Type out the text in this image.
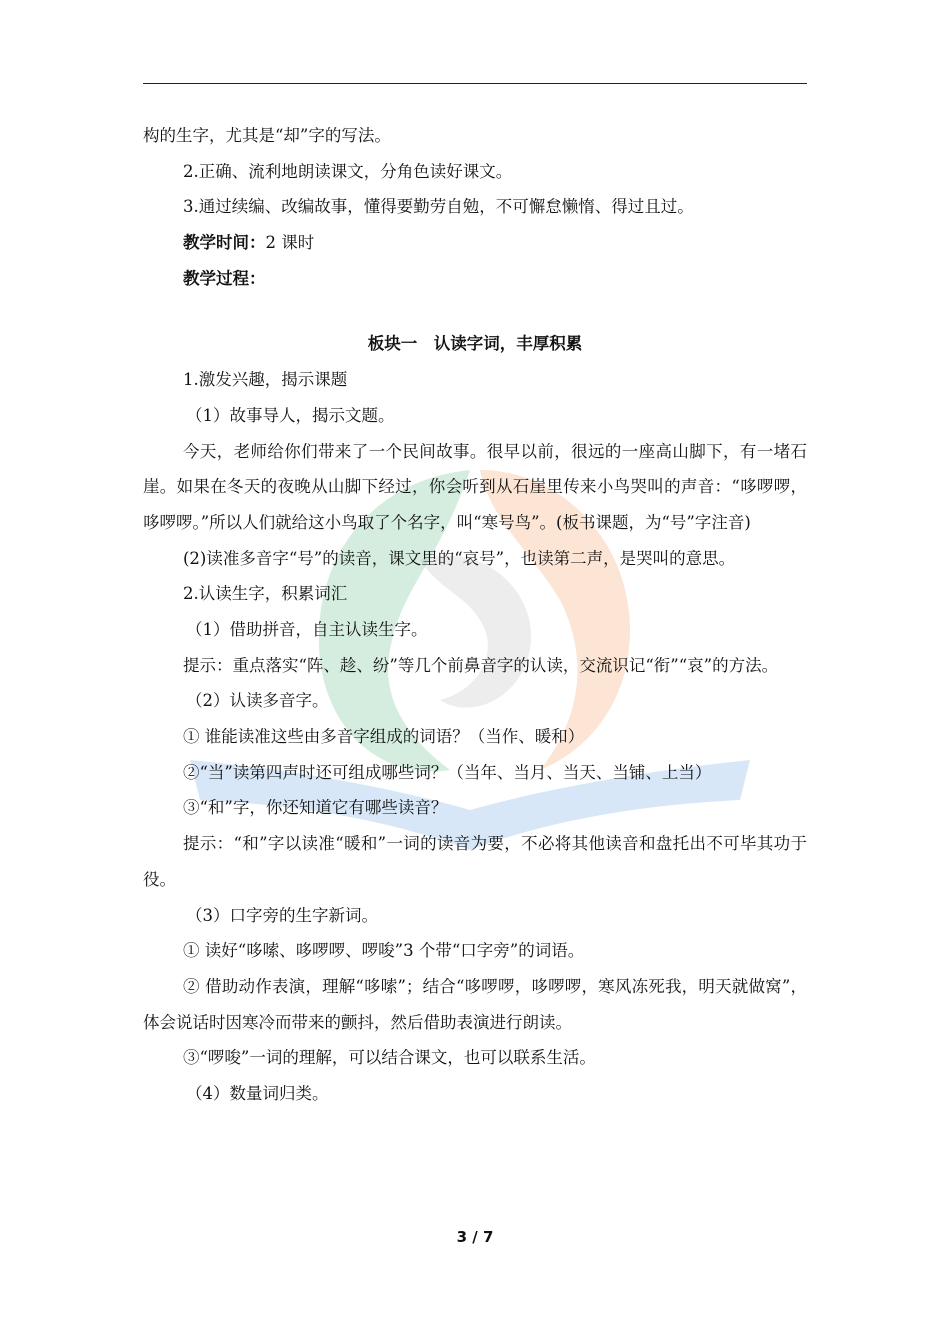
构的生字，尤其是“却”字的写法。
2.正确、流利地朗读课文，分角色读好课文。
3.通过续编、改编故事，懂得要勤劳自勉，不可懈怠懒惰、得过且过。
教学时间：2 课时
教学过程：
板块一　认读字词，丰厚积累
1.激发兴趣，揭示课题
（1）故事导人，揭示文题。
今天，老师给你们带来了一个民间故事。很早以前，很远的一座高山脚下，有一堵石崖。如果在冬天的夜晚从山脚下经过，你会听到从石崖里传来小鸟哭叫的声音：“哆啰啰，哆啰啰。”所以人们就给这小鸟取了个名字，叫“寒号鸟”。(板书课题，为“号”字注音)
(2)读准多音字“号”的读音，课文里的“哀号”，也读第二声，是哭叫的意思。
2.认读生字，积累词汇
（1）借助拼音，自主认读生字。
提示：重点落实“阵、趁、纷”等几个前鼻音字的认读，交流识记“衔”“哀”的方法。
（2）认读多音字。
① 谁能读准这些由多音字组成的词语？（当作、暖和）
②“当”读第四声时还可组成哪些词？（当年、当月、当天、当铺、上当）
③“和”字，你还知道它有哪些读音？
提示：“和”字以读准“暖和”一词的读音为要，不必将其他读音和盘托出不可毕其功于役。
（3）口字旁的生字新词。
① 读好“哆嗦、哆啰啰、啰唆”3 个带“口字旁”的词语。
② 借助动作表演，理解“哆嗦”；结合“哆啰啰，哆啰啰，寒风冻死我，明天就做窝”，体会说话时因寒冷而带来的颤抖，然后借助表演进行朗读。
③“啰唆”一词的理解，可以结合课文，也可以联系生活。
（4）数量词归类。
3 / 7
